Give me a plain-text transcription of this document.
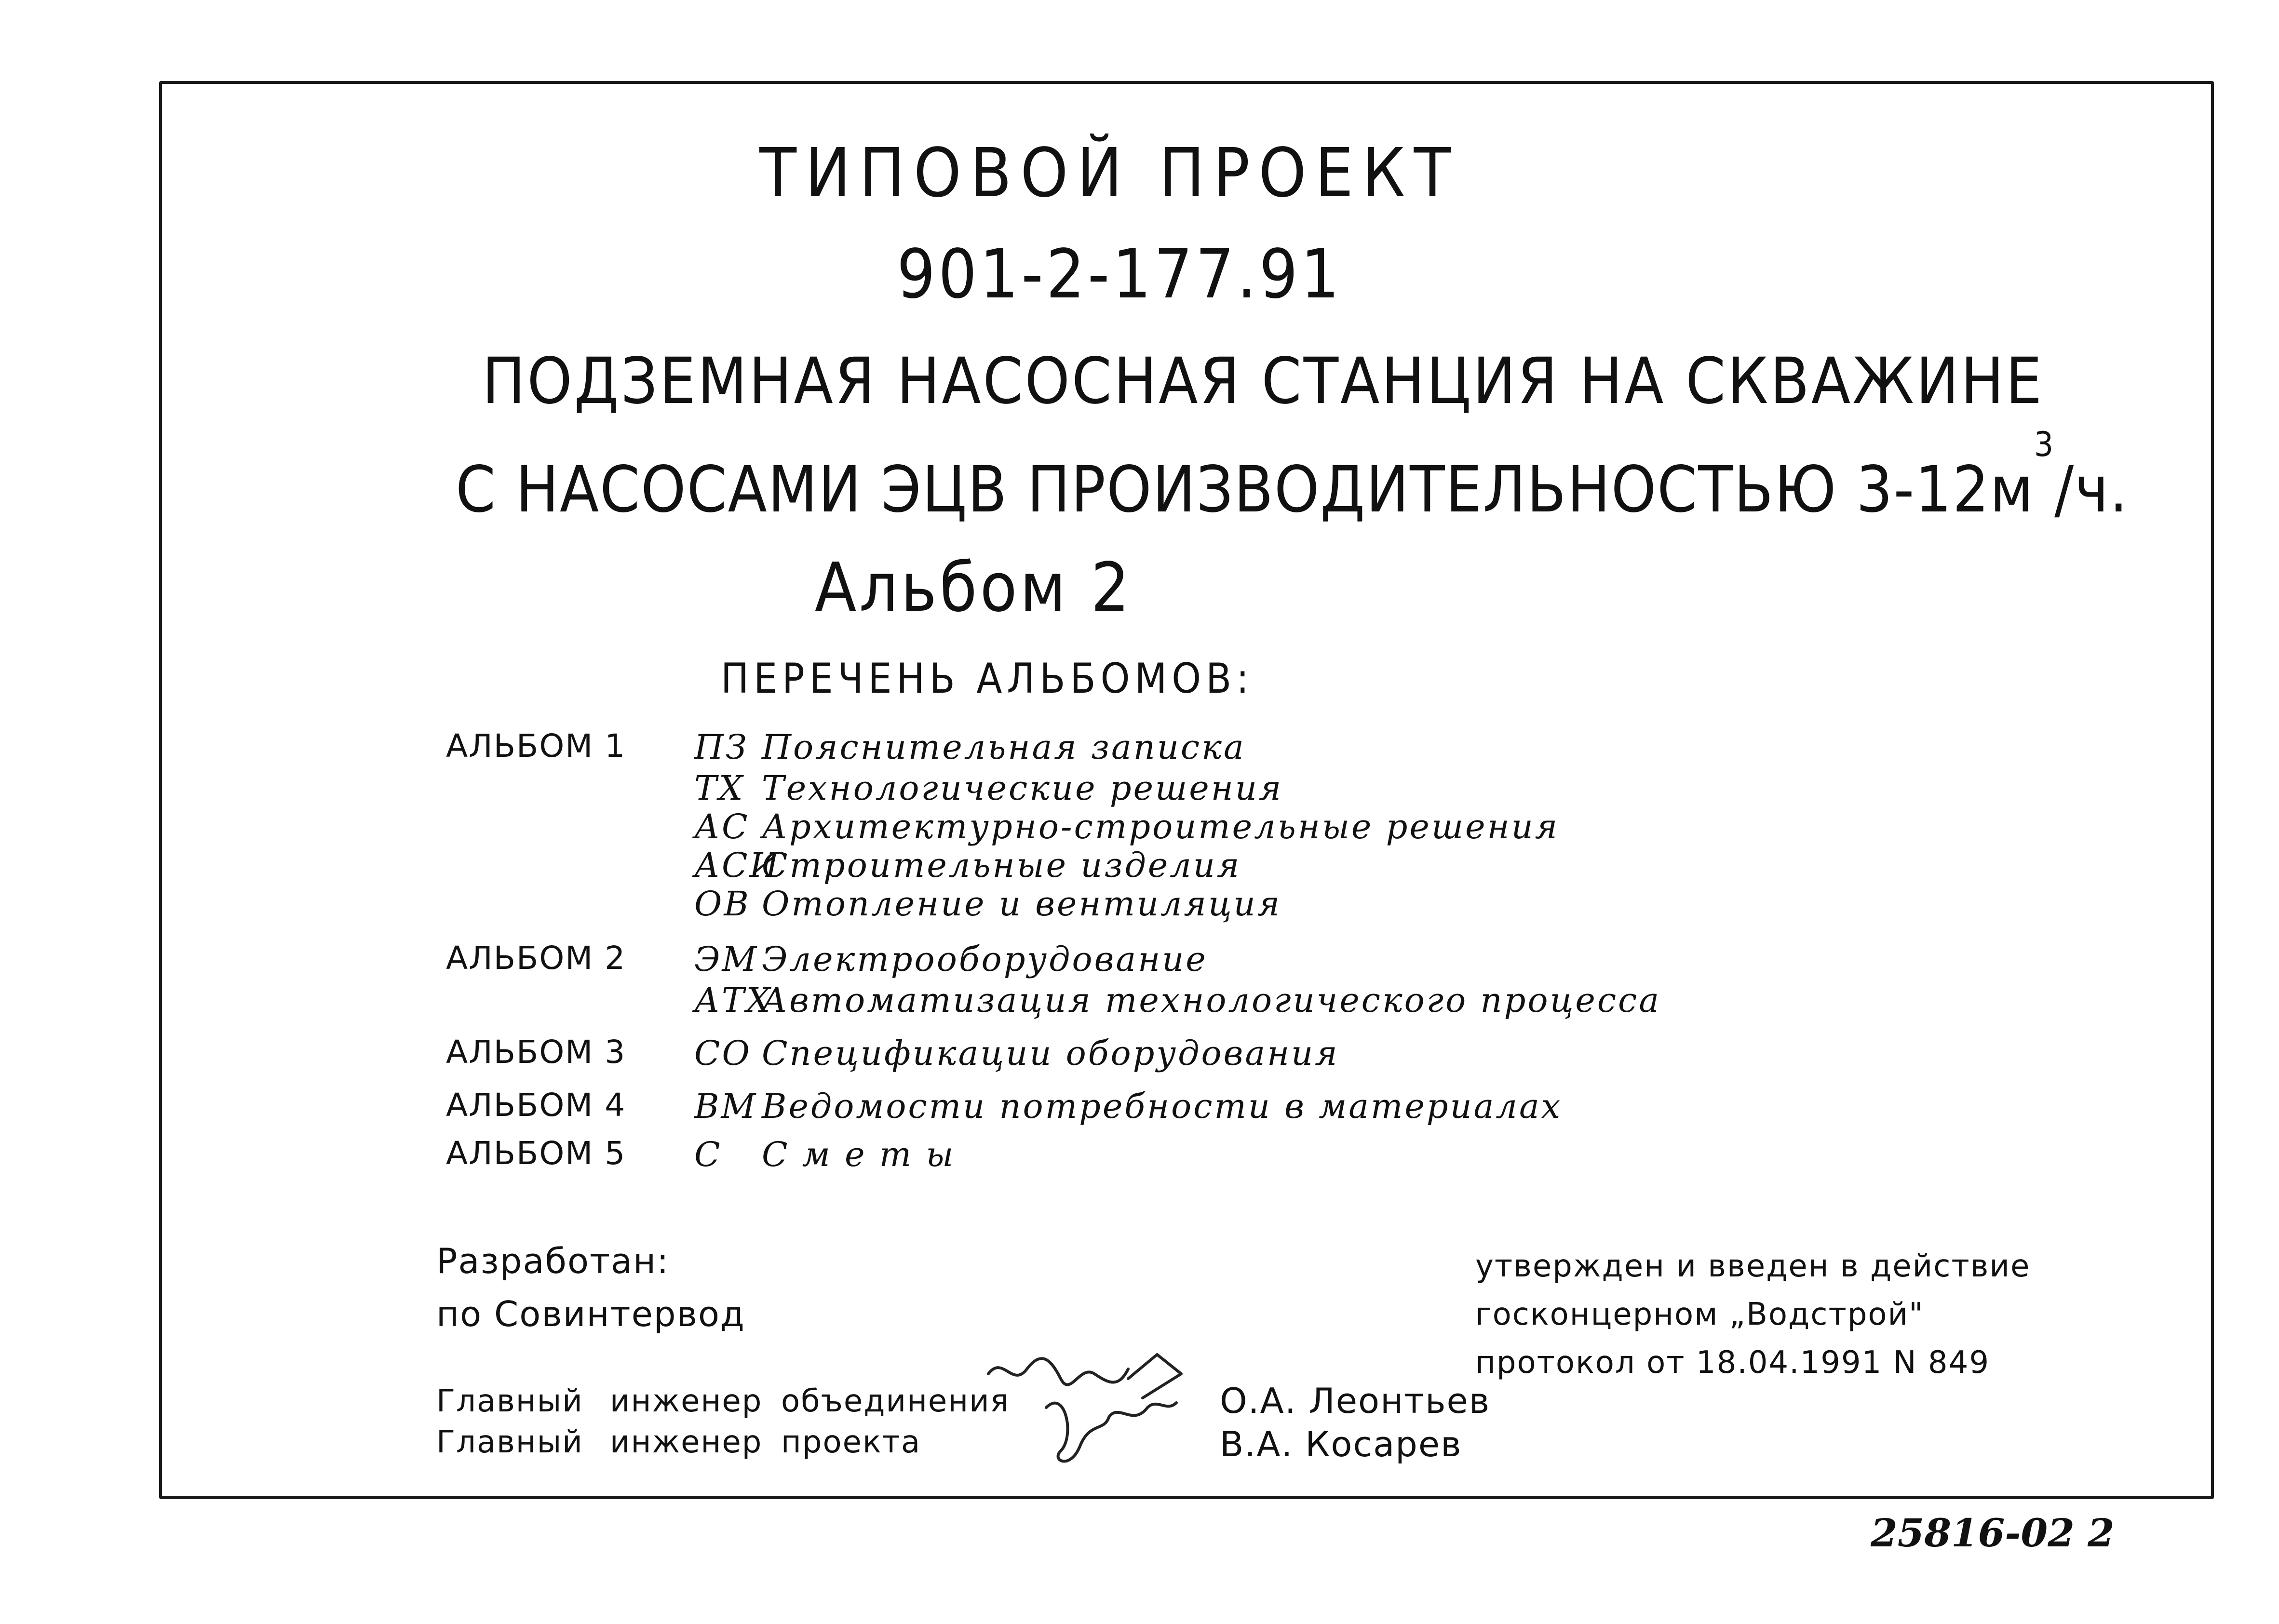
ТИПОВОЙ ПРОЕКТ
901-2-177.91
ПОДЗЕМНАЯ НАСОСНАЯ СТАНЦИЯ НА СКВАЖИНЕ
С НАСОСАМИ ЭЦВ ПРОИЗВОДИТЕЛЬНОСТЬЮ $3-12м^3/ч$.
Альбом 2
ПЕРЕЧЕНЬ АЛЬБОМОВ:
АЛЬБОМ 1 ПЗ Пояснительная записка
ТХ Технологические решения
АС Архитектурно-строительные решения
АСИ
Строительные изделия
ОВ Отопление и вентиляция
АЛЬБОМ 2 ЭМ Электрооборудование
АТХ
Автоматизация технологического процесса
АЛЬБОМ 3 СО Спецификации оборудования
АЛЬБОМ 4 ВМ Ведомости потребности в материалах
АЛЬБОМ 5 С С м е т ы
Разработан:
по Совинтервод
утвержден и введен в действие
госконцерном „Водстрой"
протокол от 18.04.1991 N 849
Главный инженер объединения	О.А. Леонтьев
Главный инженер проекта	В.А. Косарев
25816-02 2
